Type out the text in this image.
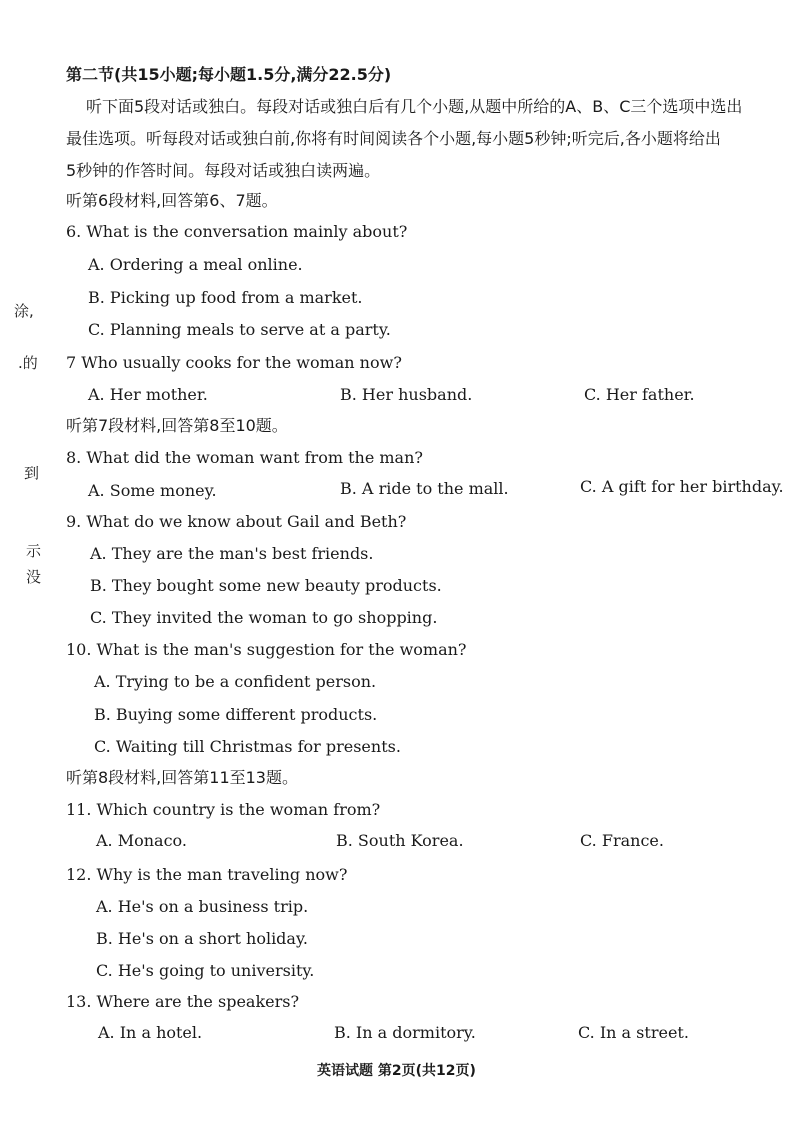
涂,
.的
到
示
没
第二节(共15小题;每小题1.5分,满分22.5分)
听下面5段对话或独白。每段对话或独白后有几个小题,从题中所给的A、B、C三个选项中选出
最佳选项。听每段对话或独白前,你将有时间阅读各个小题,每小题5秒钟;听完后,各小题将给出
5秒钟的作答时间。每段对话或独白读两遍。
听第6段材料,回答第6、7题。
6. What is the conversation mainly about?
A. Ordering a meal online.
B. Picking up food from a market.
C. Planning meals to serve at a party.
7 Who usually cooks for the woman now?
A. Her mother.	B. Her husband.	C. Her father.
听第7段材料,回答第8至10题。
8. What did the woman want from the man?
A. Some money.	B. A ride to the mall.	C. A gift for her birthday.
9. What do we know about Gail and Beth?
A. They are the man's best friends.
B. They bought some new beauty products.
C. They invited the woman to go shopping.
10. What is the man's suggestion for the woman?
A. Trying to be a confident person.
B. Buying some different products.
C. Waiting till Christmas for presents.
听第8段材料,回答第11至13题。
11. Which country is the woman from?
A. Monaco.	B. South Korea.	C. France.
12. Why is the man traveling now?
A. He's on a business trip.
B. He's on a short holiday.
C. He's going to university.
13. Where are the speakers?
A. In a hotel.	B. In a dormitory.	C. In a street.
英语试题 第2页(共12页)
